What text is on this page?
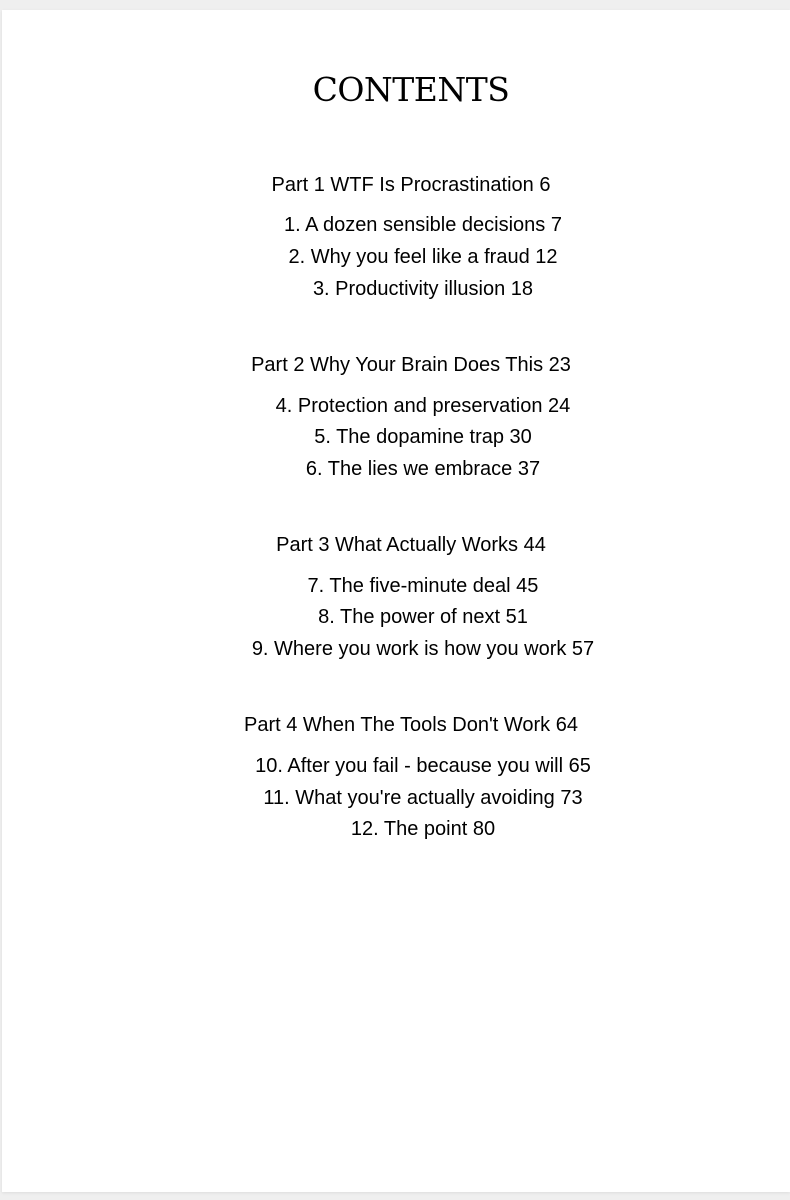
CONTENTS
Part 1 WTF Is Procrastination 6
1. A dozen sensible decisions 7
2. Why you feel like a fraud 12
3. Productivity illusion 18
Part 2 Why Your Brain Does This 23
4. Protection and preservation 24
5. The dopamine trap 30
6. The lies we embrace 37
Part 3 What Actually Works 44
7. The five-minute deal 45
8. The power of next 51
9. Where you work is how you work 57
Part 4 When The Tools Don't Work 64
10. After you fail - because you will 65
11. What you're actually avoiding 73
12. The point 80
